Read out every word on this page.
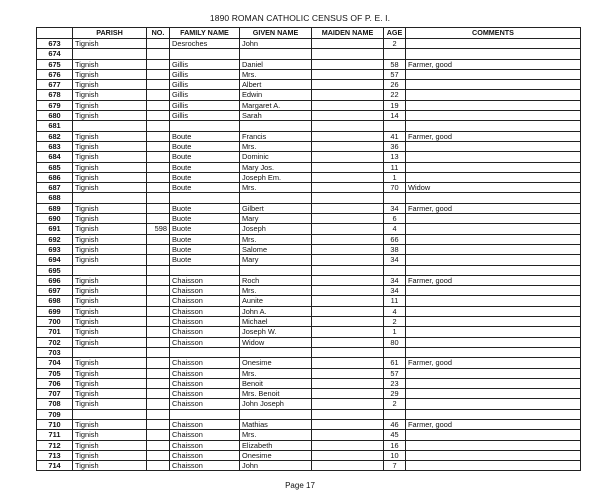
1890 ROMAN CATHOLIC CENSUS OF P. E. I.
	PARISH	NO.	FAMILY NAME	GIVEN NAME	MAIDEN NAME	AGE	COMMENTS
673	Tignish		Desroches	John		2	
674							
675	Tignish		Gillis	Daniel		58	Farmer, good
676	Tignish		Gillis	Mrs.		57	
677	Tignish		Gillis	Albert		26	
678	Tignish		Gillis	Edwin		22	
679	Tignish		Gillis	Margaret A.		19	
680	Tignish		Gillis	Sarah		14	
681							
682	Tignish		Boute	Francis		41	Farmer, good
683	Tignish		Boute	Mrs.		36	
684	Tignish		Boute	Dominic		13	
685	Tignish		Boute	Mary Jos.		11	
686	Tignish		Boute	Joseph Em.		1	
687	Tignish		Boute	Mrs.		70	Widow
688							
689	Tignish		Buote	Gilbert		34	Farmer, good
690	Tignish		Buote	Mary		6	
691	Tignish	598	Buote	Joseph		4	
692	Tignish		Buote	Mrs.		66	
693	Tignish		Buote	Salome		38	
694	Tignish		Buote	Mary		34	
695							
696	Tignish		Chaisson	Roch		34	Farmer, good
697	Tignish		Chaisson	Mrs.		34	
698	Tignish		Chaisson	Aunite		11	
699	Tignish		Chaisson	John A.		4	
700	Tignish		Chaisson	Michael		2	
701	Tignish		Chaisson	Joseph W.		1	
702	Tignish		Chaisson	Widow		80	
703							
704	Tignish		Chaisson	Onesime		61	Farmer, good
705	Tignish		Chaisson	Mrs.		57	
706	Tignish		Chaisson	Benoit		23	
707	Tignish		Chaisson	Mrs. Benoit		29	
708	Tignish		Chaisson	John Joseph		2	
709							
710	Tignish		Chaisson	Mathias		46	Farmer, good
711	Tignish		Chaisson	Mrs.		45	
712	Tignish		Chaisson	Elizabeth		16	
713	Tignish		Chaisson	Onesime		10	
714	Tignish		Chaisson	John		7	
Page 17
